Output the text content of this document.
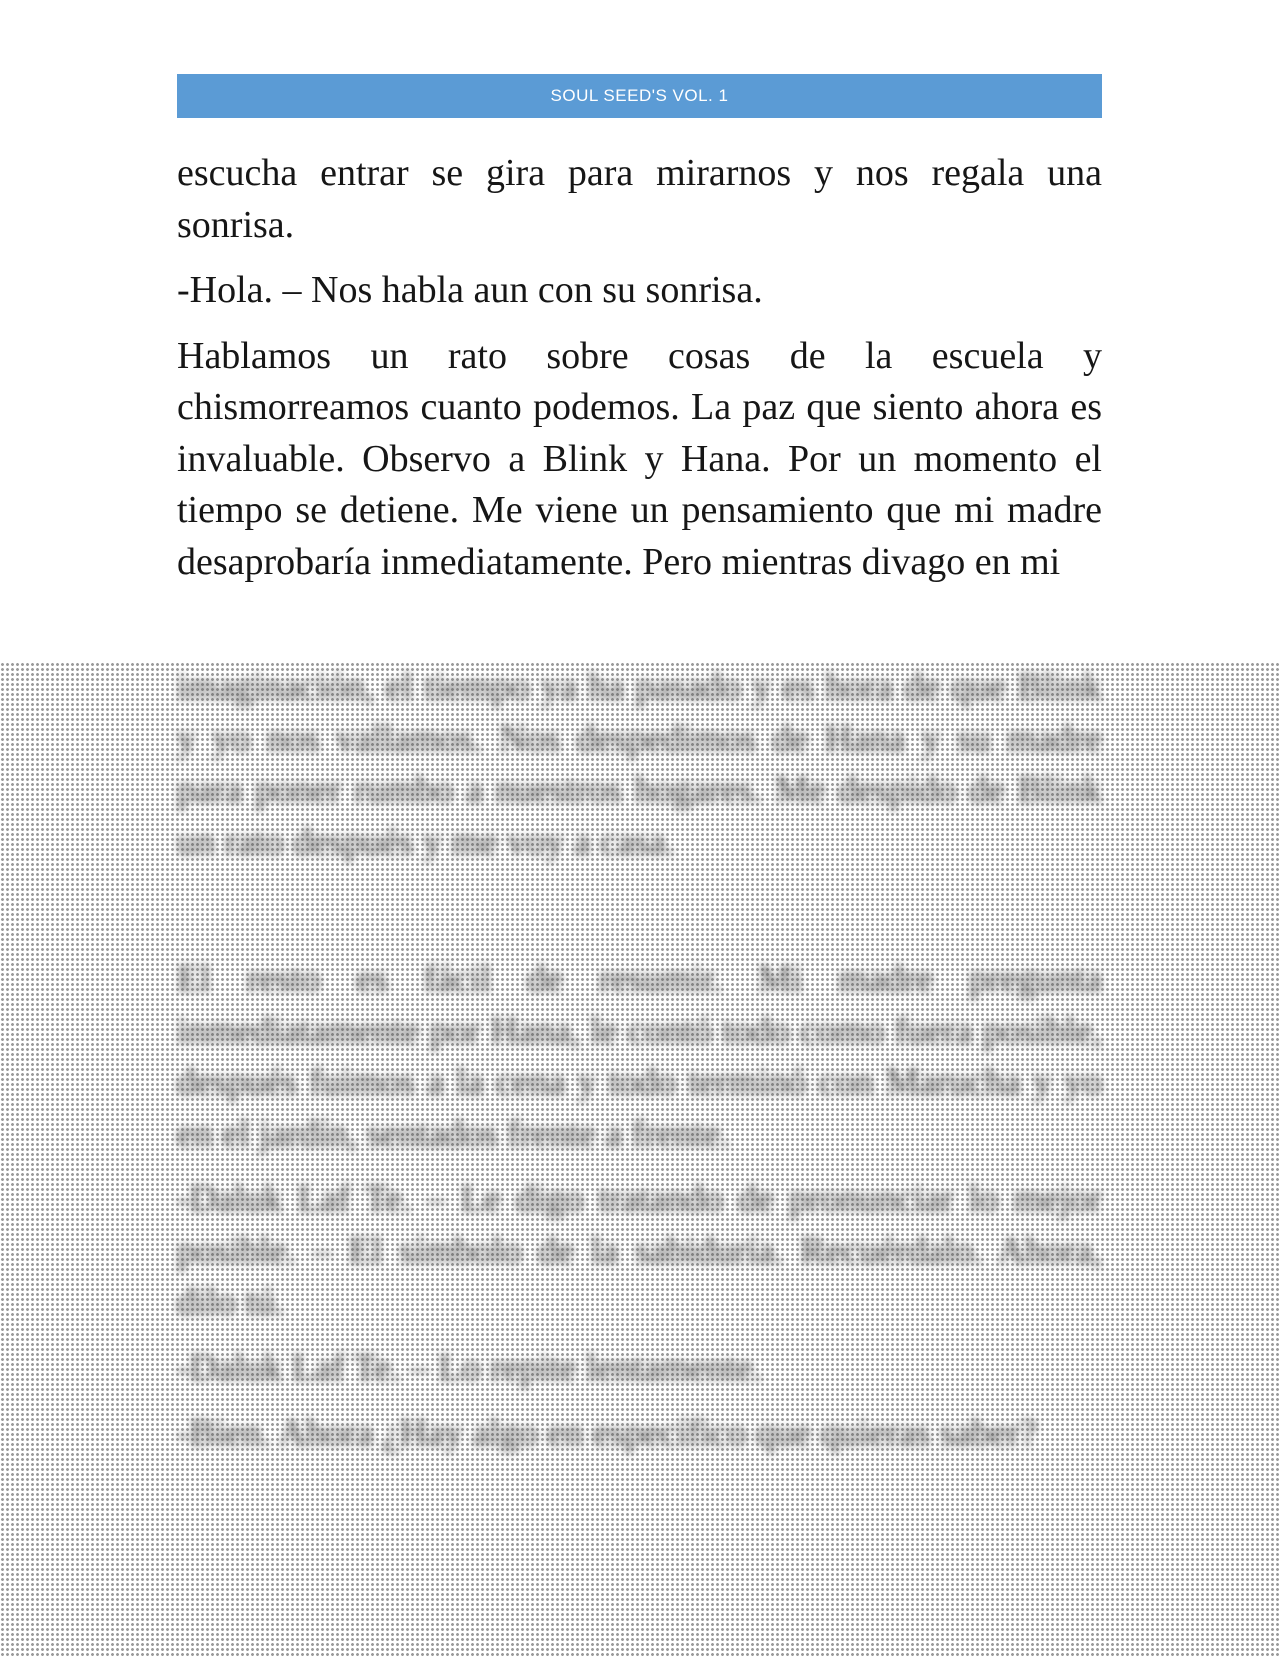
SOUL SEED'S VOL. 1

escucha entrar se gira para mirarnos y nos regala una sonrisa.

-Hola. – Nos habla aun con su sonrisa.

Hablamos un rato sobre cosas de la escuela y chismorreamos cuanto podemos. La paz que siento ahora es invaluable. Observo a Blink y Hana. Por un momento el tiempo se detiene. Me viene un pensamiento que mi madre desaprobaría inmediatamente. Pero mientras divago en mi

imaginación, el tiempo ya ha pasado y es hora de que Blink y yo nos vallamos. Nos despedimos de Hana y su madre para poner rumbo a nuestros hogares. Me despido de Blink un rato después y me voy a casa.

El resto es fácil de resumir. Mi madre pregunta inmediatamente por Hana, le contó todo como fuera posible, después fuimos a la cena y todo terminó con Marucha y yo en el jardín, sentados frente a frente.

-Daluk Laf Te. – Le digo tratando de pronunciar lo mejor posible. – El símbolo de la sabiduría. Recuérdalo. Ahora, dilo tú.

-Daluk Laf Te. – Lo repite lentamente.

-Bien. Ahora ¿Hay algo en específico que quieras saber?
